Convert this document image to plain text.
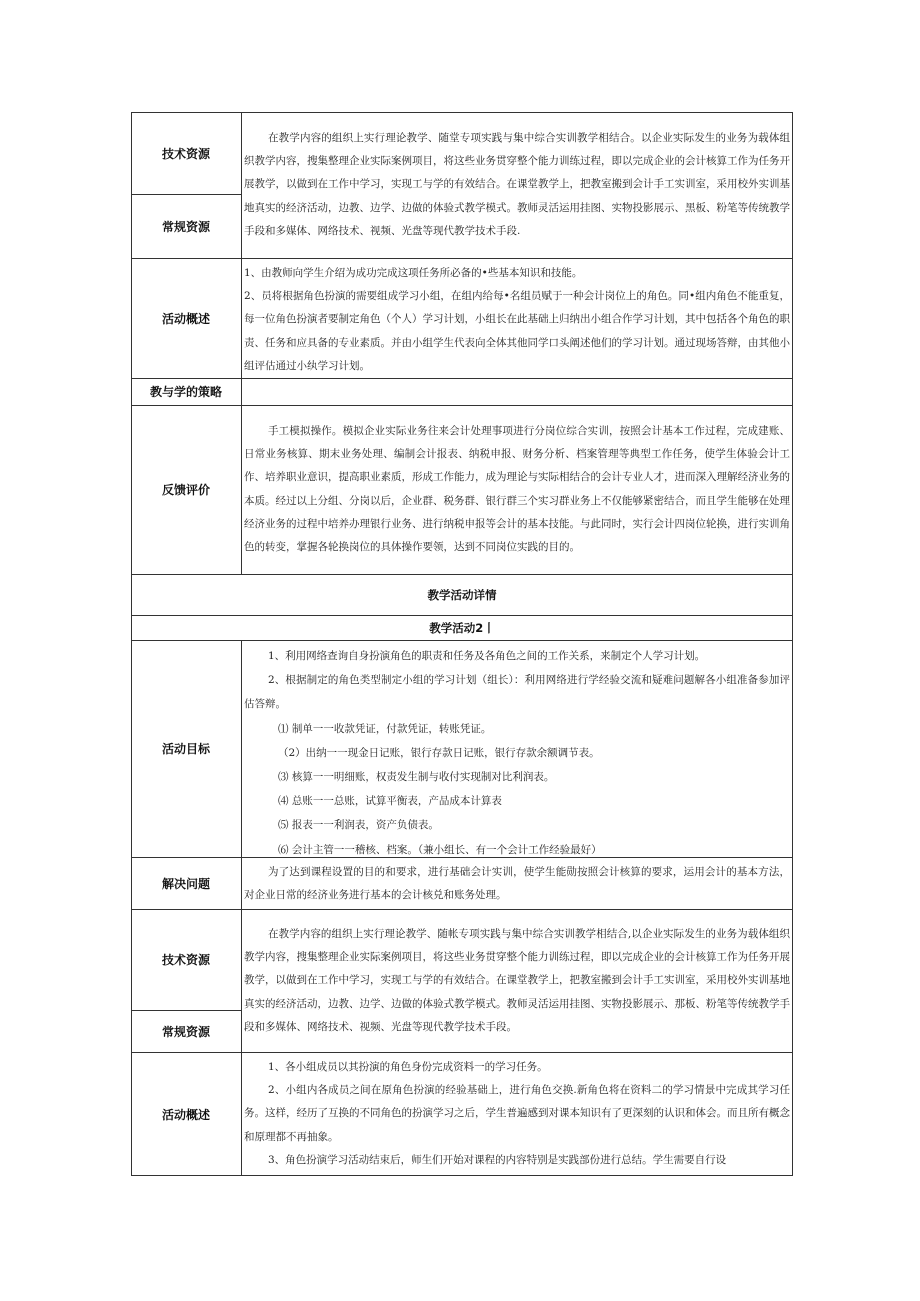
技术资源
常规资源
活动概述
教与学的策略
反馈评价

在教学内容的组织上实行理论教学、随堂专项实践与集中综合实训教学相结合。以企业实际发生的业务为载体组织教学内容，搜集整理企业实际案例项目，将这些业务贯穿整个能力训练过程，即以完成企业的会计核算工作为任务开展教学，以做到在工作中学习，实现工与学的有效结合。在课堂教学上，把教室搬到会计手工实训室，采用校外实训基地真实的经济活动，边教、边学、边做的体验式教学模式。教师灵活运用挂图、实物投影展示、黑板、粉笔等传统教学手段和多媒体、网络技术、视频、光盘等现代教学技术手段.

1、由教师向学生介绍为成功完成这项任务所必备的•些基本知识和技能。

2、员将根据角色扮演的需要组成学习小组，在组内给每•名组员赋于一种会计岗位上的角色。同•组内角色不能重复，每一位角色扮演者要制定角色（个人）学习计划，小组长在此基础上归纳出小组合作学习计划，其中包括各个角色的职责、任务和应具备的专业素质。并由小组学生代表向全体其他同学口头阐述他们的学习计划。通过现场答辩，由其他小组评估通过小纨学习计划。

手工模拟操作。模拟企业实际业务往来会计处理事项进行分岗位综合实训，按照会计基本工作过程，完成建账、日常业务核算、期末业务处理、编制会计报表、纳税申报、财务分析、档案管理等典型工作任务，使学生体验会计工作、培养职业意识，提高职业素质，形成工作能力，成为理论与实际相结合的会计专业人才，进而深入理解经济业务的本质。经过以上分组、分岗以后，企业群、税务群、银行群三个实习群业务上不仅能够紧密结合，而且学生能够在处理经济业务的过程中培养办理银行业务、进行纳税申报等会计的基本技能。与此同时，实行会计四岗位轮换，进行实训角色的转变，掌握各轮换岗位的具体操作要领，达到不同岗位实践的目的。

教学活动详情
教学活动2丨
活动目标
解决问题
技术资源
常规资源
活动概述

1、利用网络查询自身扮演角色的职责和任务及各角色之间的工作关系，来制定个人学习计划。

2、根据制定的角色类型制定小组的学习计划（组长）：利用网络进行学经验交流和疑难问题解各小组准备参加评估答辩。

⑴ 制单一一收款凭证，付款凭证，转账凭证。

（2）出纳一一现金日记账，银行存款日记账，银行存款余额调节表。

⑶ 核算一一明细账，权责发生制与收付实现制对比利润表。

⑷ 总账一一总账，试算平衡表，产品成本计算表

⑸ 报表一一利润表，资产负债表。

⑹ 会计主管一一稽核、档案。（兼小组长、有一个会计工作经验最好）

为了达到课程设置的目的和要求，进行基础会计实训，使学生能勋按照会计核算的要求，运用会计的基本方法，对企业日常的经济业务进行基本的会计核兑和账务处理。

在教学内容的组织上实行理论教学、随帐专项实践与集中综合实训教学相结合,以企业实际发生的业务为载体组织教学内容，搜集整理企业实际案例项目，将这些业务贯穿整个能力训练过程，即以完成企业的会计核算工作为任务开展教学，以做到在工作中学习，实现工与学的有效结合。在课堂教学上，把教室搬到会计手工实训室，采用校外实训基地真实的经济活动，边教、边学、边做的体验式教学模式。教师灵活运用挂图、实物投影展示、那板、粉笔等传统教学手段和多媒体、网络技术、视频、光盘等现代教学技术手段。

1、各小组成员以其扮演的角色身份完成资料一的学习任务。

2、小组内各成员之间在原角色扮演的经验基础上，进行角色交换.新角色将在资料二的学习情景中完成其学习任务。这样，经历了互换的不同角色的扮演学习之后，学生普遍感到对课本知识有了更深刻的认识和体会。而且所有概念和原理都不再抽象。

3、角色扮演学习活动结束后，师生们开始对课程的内容特别是实践部份进行总结。学生需要自行设
